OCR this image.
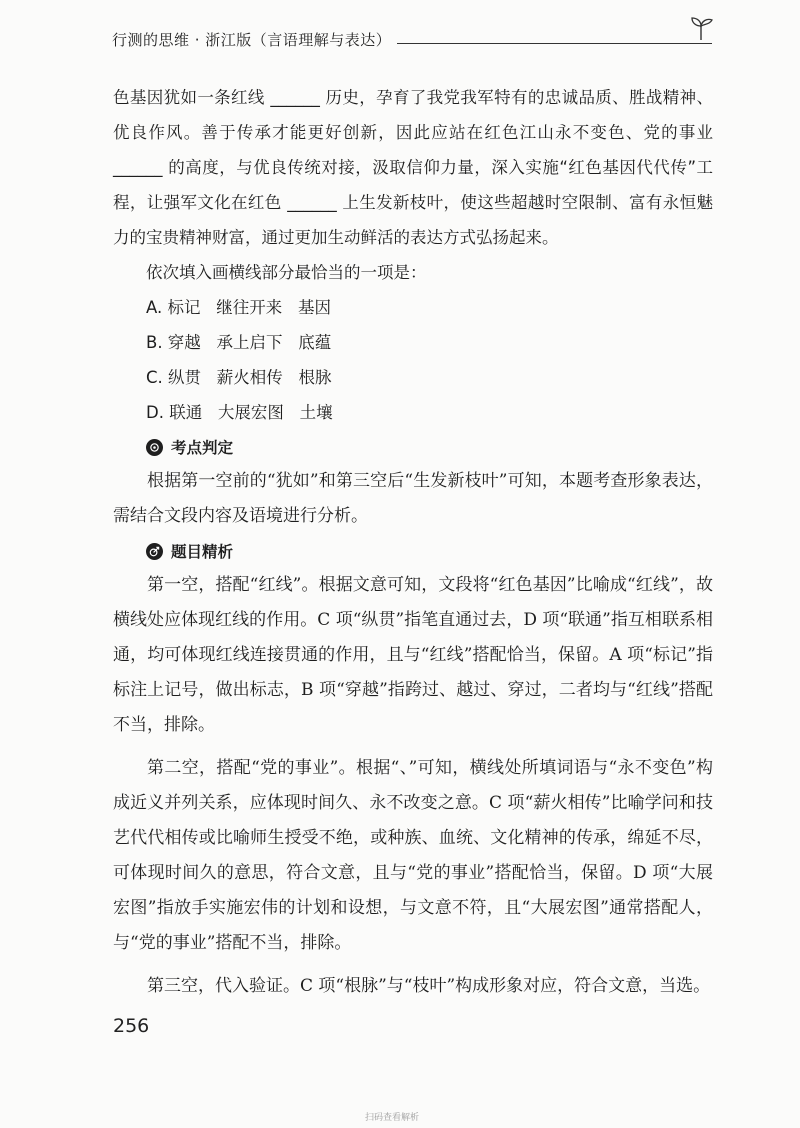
行测的思维 · 浙江版（言语理解与表达）

色基因犹如一条红线 ______ 历史，孕育了我党我军特有的忠诚品质、胜战精神、优良作风。善于传承才能更好创新，因此应站在红色江山永不变色、党的事业 ______ 的高度，与优良传统对接，汲取信仰力量，深入实施“红色基因代代传”工程，让强军文化在红色 ______ 上生发新枝叶，使这些超越时空限制、富有永恒魅力的宝贵精神财富，通过更加生动鲜活的表达方式弘扬起来。

依次填入画横线部分最恰当的一项是：

A. 标记   继往开来   基因
B. 穿越   承上启下   底蕴
C. 纵贯   薪火相传   根脉
D. 联通   大展宏图   土壤
考点判定

根据第一空前的“犹如”和第三空后“生发新枝叶”可知，本题考查形象表达，需结合文段内容及语境进行分析。

题目精析

第一空，搭配“红线”。根据文意可知，文段将“红色基因”比喻成“红线”，故横线处应体现红线的作用。C 项“纵贯”指笔直通过去，D 项“联通”指互相联系相通，均可体现红线连接贯通的作用，且与“红线”搭配恰当，保留。A 项“标记”指标注上记号，做出标志，B 项“穿越”指跨过、越过、穿过，二者均与“红线”搭配不当，排除。

第二空，搭配“党的事业”。根据“、”可知，横线处所填词语与“永不变色”构成近义并列关系，应体现时间久、永不改变之意。C 项“薪火相传”比喻学问和技艺代代相传或比喻师生授受不绝，或种族、血统、文化精神的传承，绵延不尽，可体现时间久的意思，符合文意，且与“党的事业”搭配恰当，保留。D 项“大展宏图”指放手实施宏伟的计划和设想，与文意不符，且“大展宏图”通常搭配人，与“党的事业”搭配不当，排除。

第三空，代入验证。C 项“根脉”与“枝叶”构成形象对应，符合文意，当选。

256
扫码查看解析
